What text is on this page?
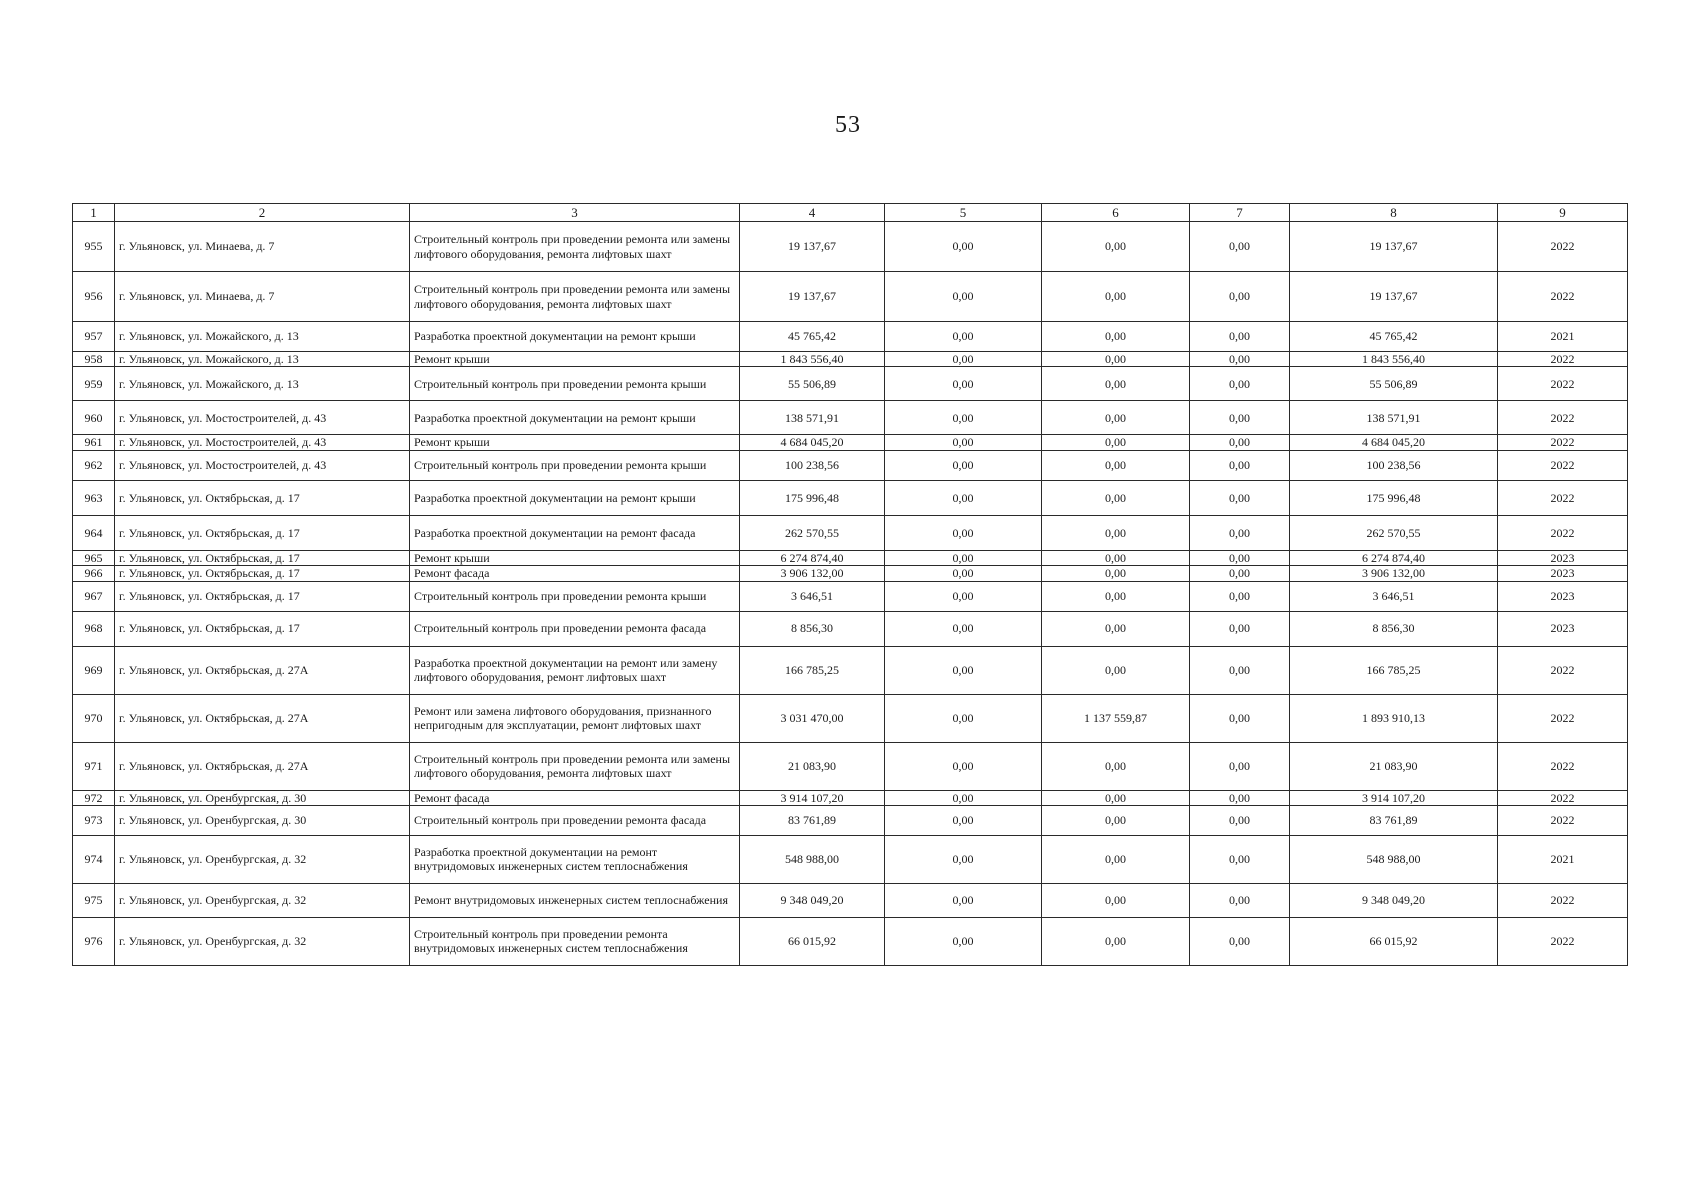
53
1	2	3	4	5	6	7	8	9
955	г. Ульяновск, ул. Минаева, д. 7	Строительный контроль при проведении ремонта или замены лифтового оборудования, ремонта лифтовых шахт	19 137,67	0,00	0,00	0,00	19 137,67	2022
956	г. Ульяновск, ул. Минаева, д. 7	Строительный контроль при проведении ремонта или замены лифтового оборудования, ремонта лифтовых шахт	19 137,67	0,00	0,00	0,00	19 137,67	2022
957	г. Ульяновск, ул. Можайского, д. 13	Разработка проектной документации на ремонт крыши	45 765,42	0,00	0,00	0,00	45 765,42	2021
958	г. Ульяновск, ул. Можайского, д. 13	Ремонт крыши	1 843 556,40	0,00	0,00	0,00	1 843 556,40	2022
959	г. Ульяновск, ул. Можайского, д. 13	Строительный контроль при проведении ремонта крыши	55 506,89	0,00	0,00	0,00	55 506,89	2022
960	г. Ульяновск, ул. Мостостроителей, д. 43	Разработка проектной документации на ремонт крыши	138 571,91	0,00	0,00	0,00	138 571,91	2022
961	г. Ульяновск, ул. Мостостроителей, д. 43	Ремонт крыши	4 684 045,20	0,00	0,00	0,00	4 684 045,20	2022
962	г. Ульяновск, ул. Мостостроителей, д. 43	Строительный контроль при проведении ремонта крыши	100 238,56	0,00	0,00	0,00	100 238,56	2022
963	г. Ульяновск, ул. Октябрьская, д. 17	Разработка проектной документации на ремонт крыши	175 996,48	0,00	0,00	0,00	175 996,48	2022
964	г. Ульяновск, ул. Октябрьская, д. 17	Разработка проектной документации на ремонт фасада	262 570,55	0,00	0,00	0,00	262 570,55	2022
965	г. Ульяновск, ул. Октябрьская, д. 17	Ремонт крыши	6 274 874,40	0,00	0,00	0,00	6 274 874,40	2023
966	г. Ульяновск, ул. Октябрьская, д. 17	Ремонт фасада	3 906 132,00	0,00	0,00	0,00	3 906 132,00	2023
967	г. Ульяновск, ул. Октябрьская, д. 17	Строительный контроль при проведении ремонта крыши	3 646,51	0,00	0,00	0,00	3 646,51	2023
968	г. Ульяновск, ул. Октябрьская, д. 17	Строительный контроль при проведении ремонта фасада	8 856,30	0,00	0,00	0,00	8 856,30	2023
969	г. Ульяновск, ул. Октябрьская, д. 27А	Разработка проектной документации на ремонт или замену лифтового оборудования, ремонт лифтовых шахт	166 785,25	0,00	0,00	0,00	166 785,25	2022
970	г. Ульяновск, ул. Октябрьская, д. 27А	Ремонт или замена лифтового оборудования, признанного непригодным для эксплуатации, ремонт лифтовых шахт	3 031 470,00	0,00	1 137 559,87	0,00	1 893 910,13	2022
971	г. Ульяновск, ул. Октябрьская, д. 27А	Строительный контроль при проведении ремонта или замены лифтового оборудования, ремонта лифтовых шахт	21 083,90	0,00	0,00	0,00	21 083,90	2022
972	г. Ульяновск, ул. Оренбургская, д. 30	Ремонт фасада	3 914 107,20	0,00	0,00	0,00	3 914 107,20	2022
973	г. Ульяновск, ул. Оренбургская, д. 30	Строительный контроль при проведении ремонта фасада	83 761,89	0,00	0,00	0,00	83 761,89	2022
974	г. Ульяновск, ул. Оренбургская, д. 32	Разработка проектной документации на ремонт внутридомовых инженерных систем теплоснабжения	548 988,00	0,00	0,00	0,00	548 988,00	2021
975	г. Ульяновск, ул. Оренбургская, д. 32	Ремонт внутридомовых инженерных систем теплоснабжения	9 348 049,20	0,00	0,00	0,00	9 348 049,20	2022
976	г. Ульяновск, ул. Оренбургская, д. 32	Строительный контроль при проведении ремонта внутридомовых инженерных систем теплоснабжения	66 015,92	0,00	0,00	0,00	66 015,92	2022
